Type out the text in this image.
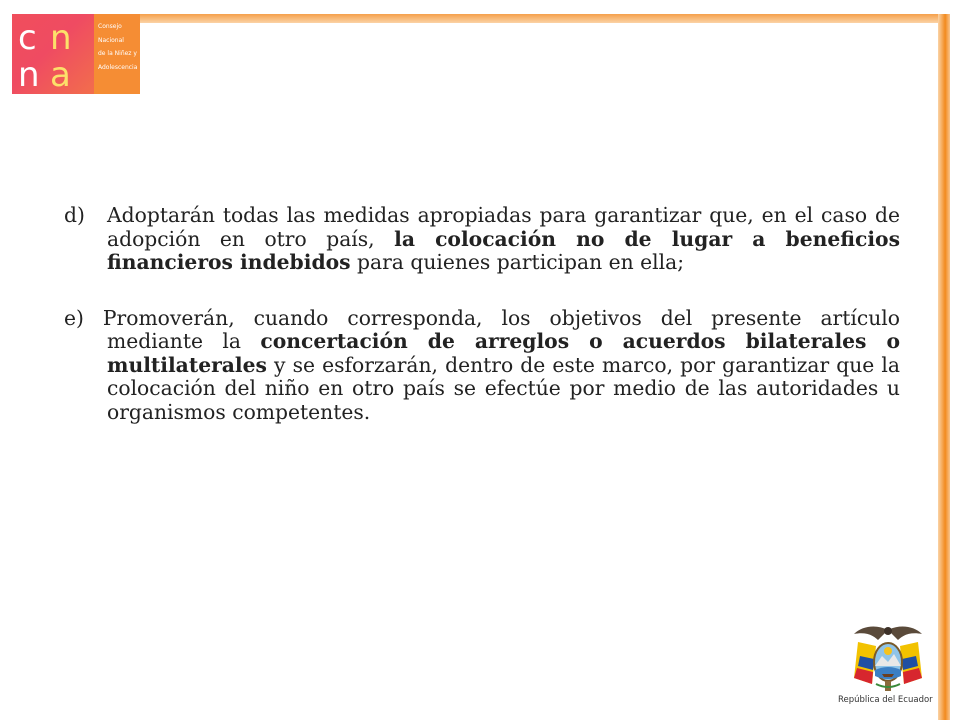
c n
n a
Consejo
Nacional
de la Niñez y
Adolescencia

d) Adoptarán todas las medidas apropiadas para garantizar que, en el caso de adopción en otro país, la colocación no de lugar a beneficios financieros indebidos para quienes participan en ella;

e) Promoverán, cuando corresponda, los objetivos del presente artículo mediante la concertación de arreglos o acuerdos bilaterales o multilaterales y se esforzarán, dentro de este marco, por garantizar que la colocación del niño en otro país se efectúe por medio de las autoridades u organismos competentes.

República del Ecuador
